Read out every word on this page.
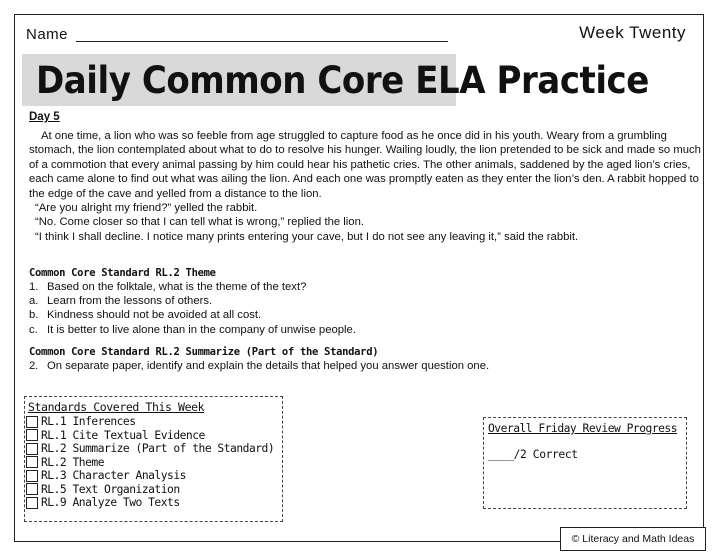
Name	Week Twenty
Daily Common Core ELA Practice
Day 5

At one time, a lion who was so feeble from age struggled to capture food as he once did in his youth. Weary from a grumbling stomach, the lion contemplated about what to do to resolve his hunger. Wailing loudly, the lion pretended to be sick and made so much of a commotion that every animal passing by him could hear his pathetic cries. The other animals, saddened by the aged lion’s cries, each came alone to find out what was ailing the lion. And each one was promptly eaten as they enter the lion’s den. A rabbit hopped to the edge of the cave and yelled from a distance to the lion.

“Are you alright my friend?” yelled the rabbit.

“No. Come closer so that I can tell what is wrong,” replied the lion.

“I think I shall decline. I notice many prints entering your cave, but I do not see any leaving it,” said the rabbit.

Common Core Standard RL.2 Theme
1. Based on the folktale, what is the theme of the text?
a. Learn from the lessons of others.
b. Kindness should not be avoided at all cost.
c. It is better to live alone than in the company of unwise people.
Common Core Standard RL.2 Summarize (Part of the Standard)
2. On separate paper, identify and explain the details that helped you answer question one.
Standards Covered This Week
RL.1 Inferences
RL.1 Cite Textual Evidence
RL.2 Summarize (Part of the Standard)
RL.2 Theme
RL.3 Character Analysis
RL.5 Text Organization
RL.9 Analyze Two Texts
Overall Friday Review Progress
____/2 Correct
© Literacy and Math Ideas
